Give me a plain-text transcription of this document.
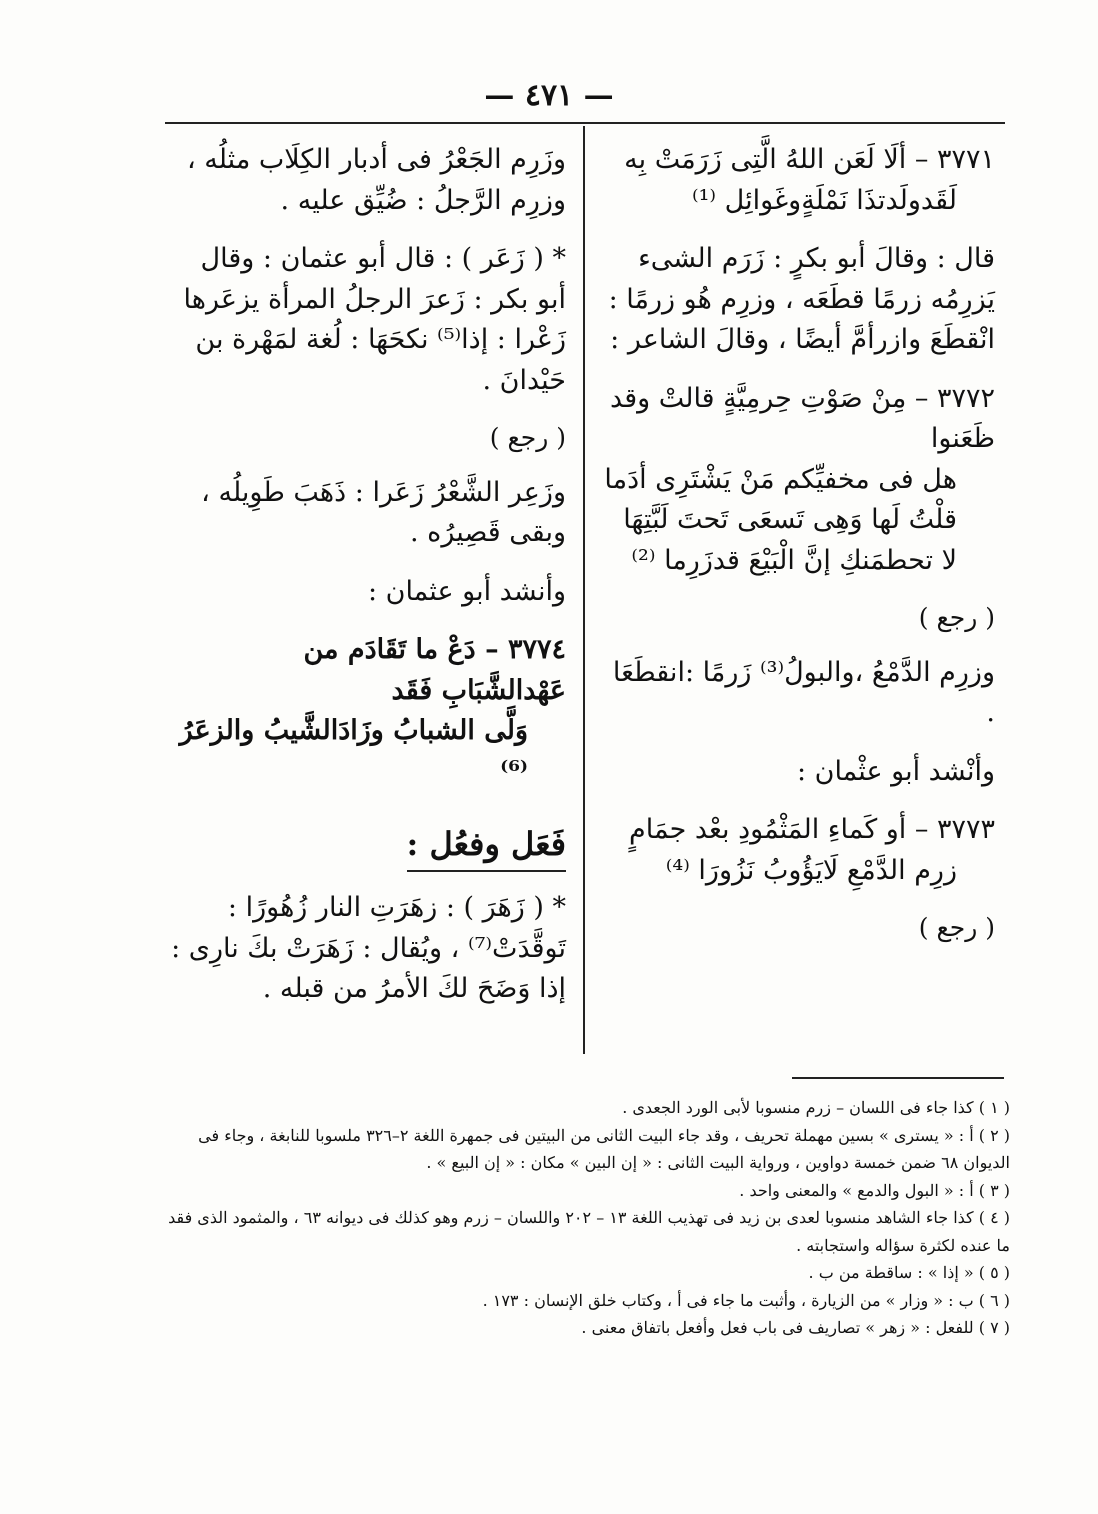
— ٤٧١ —
٣٧٧١ – ألَا لَعَن اللهُ الَّتِى زَرَمَتْ بِه
لَقَدولَدتذَا نَمْلَةٍوغَوائِل ⁽¹⁾
قال : وقالَ أبو بكرٍ : زَرَم الشىء يَزرِمُه زرمًا قطَعَه ، وزرِم هُو زرمًا : انْقطَعَ وازرأمَّ أيضًا ، وقالَ الشاعر :
٣٧٧٢ – مِنْ صَوْتِ حِرمِيَّةٍ قالتْ وقد ظَعَنوا
هل فى مخفيِّكم مَنْ يَشْتَرِى أدَما
قلْتُ لَها وَهِى تَسعَى تَحتَ لَبَّتِهَا
لا تحطمَنكِ إنَّ الْبَيْعَ قدزَرِما ⁽²⁾
( رجع )
وزرِم الدَّمْعُ ،والبولُ⁽³⁾ زَرمًا :انقطَعَا .
وأنْشد أبو عثْمان :
٣٧٧٣ – أو كَماءِ المَثْمُودِ بعْد جمَامٍ
زرِم الدَّمْعِ لَايَؤُوبُ نَزُورَا ⁽⁴⁾
( رجع )
وزَرِم الجَعْرُ فى أدبار الكِلَاب مثلُه ، وزرِم الرَّجلُ : ضُيِّق عليه .
* ( زَعَر ) : قال أبو عثمان : وقال أبو بكر : زَعرَ الرجلُ المرأة يزعَرها زَعْرا : إذا⁽⁵⁾ نكحَهَا : لُغة لمَهْرة بن حَيْدانَ .
( رجع )
وزَعِر الشَّعْرُ زَعَرا : ذَهَبَ طَوِيلُه ، وبقى قَصِيرُه .
وأنشد أبو عثمان :
٣٧٧٤ – دَعْ ما تَقَادَم من عَهْدالشَّبَابِ فَقَد
وَلَّى الشبابُ وزَادَالشَّيبُ والزعَرُ ⁽⁶⁾
فَعَل وفعُل :
* ( زَهَرَ ) : زهَرَتِ النار زُهُورًا : تَوقَّدَتْ⁽⁷⁾ ، ويُقال : زَهَرَتْ بكَ نارِى : إذا وَضَحَ لكَ الأمرُ من قبله .

( ١ ) كذا جاء فى اللسان – زرم منسوبا لأبى الورد الجعدى .

( ٢ ) أ : « يسترى » بسين مهملة تحريف ، وقد جاء البيت الثانى من البيتين فى جمهرة اللغة ٢–٣٢٦ ملسوبا للنابغة ، وجاء فى الديوان ٦٨ ضمن خمسة دواوين ، ورواية البيت الثانى : « إن البين » مكان : « إن البيع » .

( ٣ ) أ : « البول والدمع » والمعنى واحد .

( ٤ ) كذا جاء الشاهد منسوبا لعدى بن زيد فى تهذيب اللغة ١٣ – ٢٠٢ واللسان – زرم وهو كذلك فى ديوانه ٦٣ ، والمثمود الذى فقد ما عنده لكثرة سؤاله واستجابته .

( ٥ ) « إذا » : ساقطة من ب .

( ٦ ) ب : « وزار » من الزيارة ، وأثبت ما جاء فى أ ، وكتاب خلق الإنسان : ١٧٣ .

( ٧ ) للفعل : « زهر » تصاريف فى باب فعل وأفعل باتفاق معنى .
